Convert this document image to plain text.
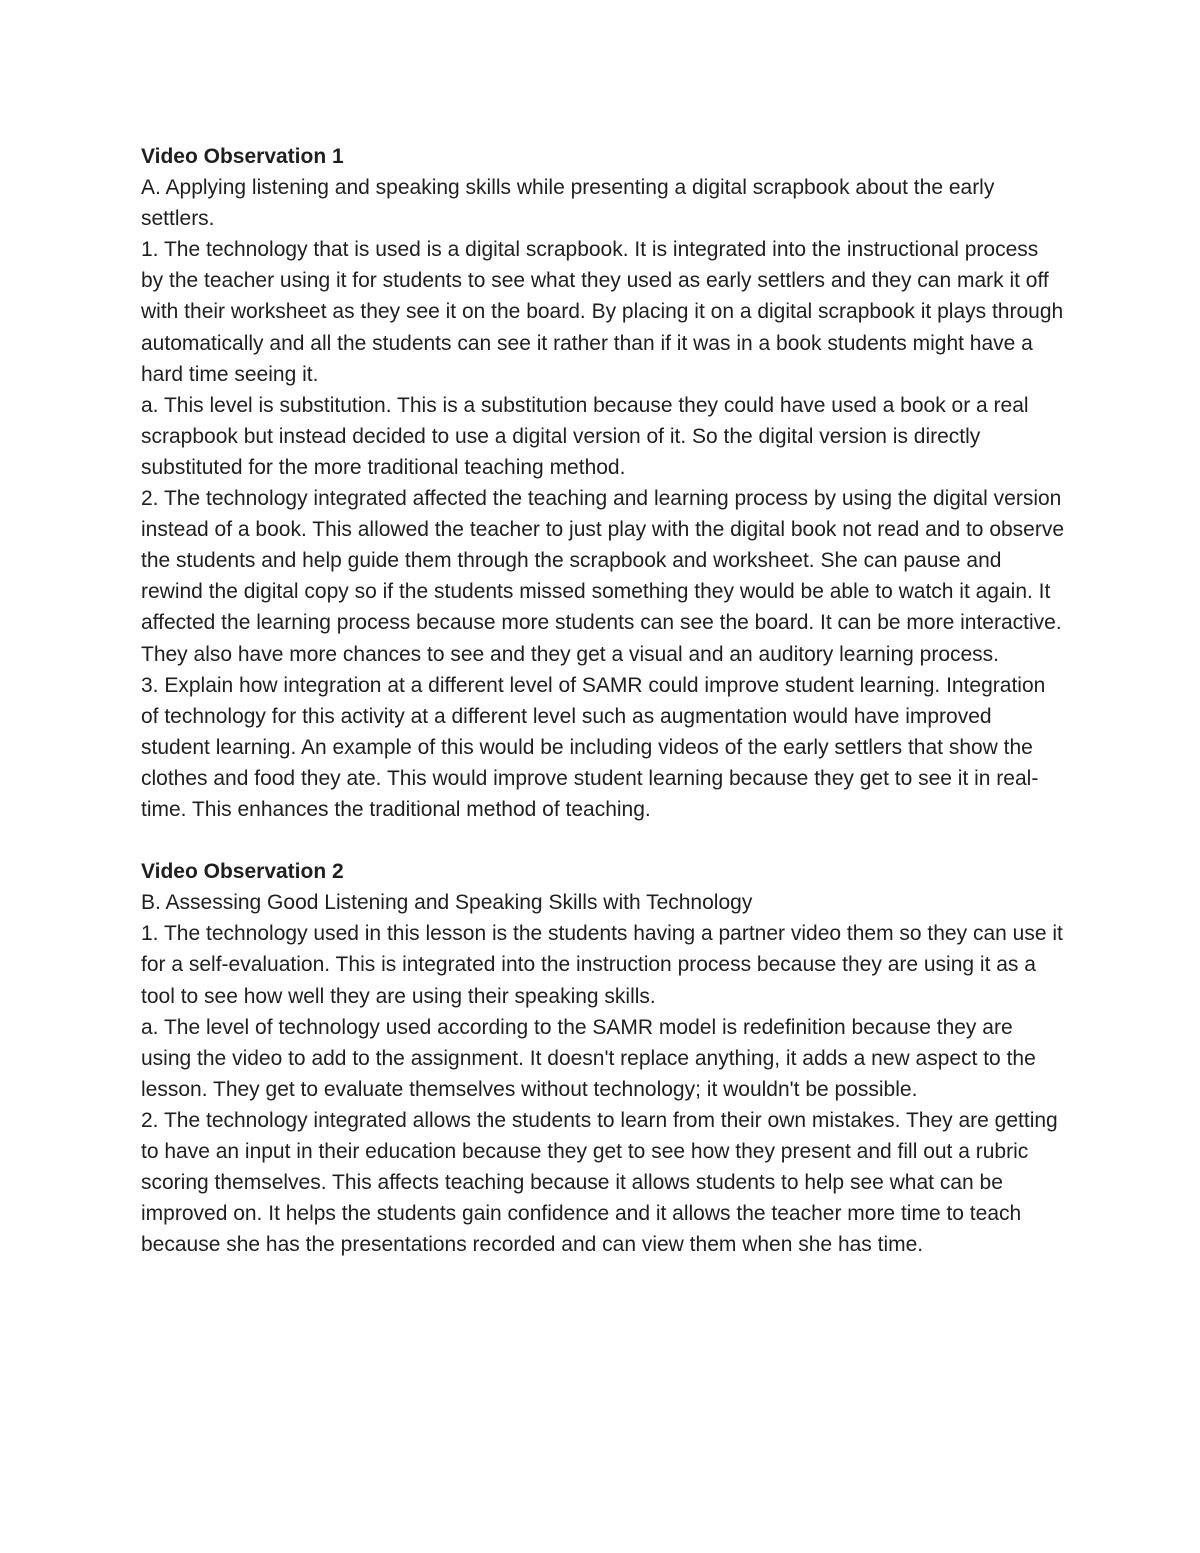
Video Observation 1

A. Applying listening and speaking skills while presenting a digital scrapbook about the early settlers.

1. The technology that is used is a digital scrapbook. It is integrated into the instructional process by the teacher using it for students to see what they used as early settlers and they can mark it off with their worksheet as they see it on the board. By placing it on a digital scrapbook it plays through automatically and all the students can see it rather than if it was in a book students might have a hard time seeing it.

a. This level is substitution. This is a substitution because they could have used a book or a real scrapbook but instead decided to use a digital version of it. So the digital version is directly substituted for the more traditional teaching method.

2. The technology integrated affected the teaching and learning process by using the digital version instead of a book. This allowed the teacher to just play with the digital book not read and to observe the students and help guide them through the scrapbook and worksheet. She can pause and rewind the digital copy so if the students missed something they would be able to watch it again. It affected the learning process because more students can see the board. It can be more interactive. They also have more chances to see and they get a visual and an auditory learning process.

3. Explain how integration at a different level of SAMR could improve student learning. Integration of technology for this activity at a different level such as augmentation would have improved student learning. An example of this would be including videos of the early settlers that show the clothes and food they ate. This would improve student learning because they get to see it in real-time. This enhances the traditional method of teaching.

Video Observation 2

B. Assessing Good Listening and Speaking Skills with Technology

1. The technology used in this lesson is the students having a partner video them so they can use it for a self-evaluation. This is integrated into the instruction process because they are using it as a tool to see how well they are using their speaking skills.

a. The level of technology used according to the SAMR model is redefinition because they are using the video to add to the assignment. It doesn't replace anything, it adds a new aspect to the lesson. They get to evaluate themselves without technology; it wouldn't be possible.

2. The technology integrated allows the students to learn from their own mistakes. They are getting to have an input in their education because they get to see how they present and fill out a rubric scoring themselves. This affects teaching because it allows students to help see what can be improved on. It helps the students gain confidence and it allows the teacher more time to teach because she has the presentations recorded and can view them when she has time.
